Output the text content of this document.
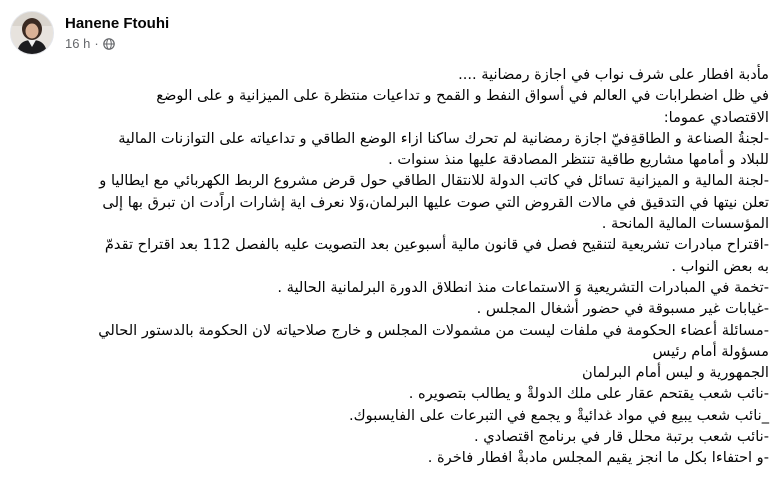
Hanene Ftouhi
16 h ·
مأدبة افطار على شرف نواب في اجازة رمضانية ....
في ظل اضطرابات في العالم في أسواق النفط و القمح و تداعيات منتظرة على الميزانية و على الوضع
الاقتصادي عموما:
-لجنةُ الصناعة و الطاقةِفيّ اجازة رمضانية لم تحرك ساكنا ازاء الوضع الطاقي و تداعياته على التوازنات المالية
للبلاد و أمامها مشاريع طاقية تنتظر المصادقة عليها منذ سنوات .
-لجنة المالية و الميزانية تسائل في كاتب الدولة للانتقال الطاقي حول قرض مشروع الربط الكهربائي مع ايطاليا و
تعلن نيتها في التدقيق في مالات القروض التي صوت عليها البرلمان،وَلا نعرف اية إشارات اراًدت ان تبرق بها إلى
المؤسسات المالية المانحة .
-اقتراح مبادرات تشريعية لتنقيح فصل في قانون مالية أسبوعين بعد التصويت عليه بالفصل 112 بعد اقتراح تقدمّ
به بعض النواب .
-تخمة في المبادرات التشريعية وَ الاستماعات منذ انطلاق الدورة البرلمانية الحالية .
-غيابات غير مسبوقة في حضور أشغال المجلس .
-مسائلة أعضاء الحكومة في ملفات ليست من مشمولات المجلس و خارج صلاحياته لان الحكومة بالدستور الحالي
مسؤولة أمام رئيس
الجمهورية و ليس أمام البرلمان
-نائب شعب يقتحم عقار على ملك الدولةْ و يطالب بتصويره .
_نائب شعب يبيع في مواد غدائيةْ و يجمع في التبرعات على الفايسبوك.
-نائب شعب برتبة محلل قار في برنامج اقتصادي .
-و احتفاءا بكل ما انجز يقيم المجلس مادبةْ افطار فاخرة .
